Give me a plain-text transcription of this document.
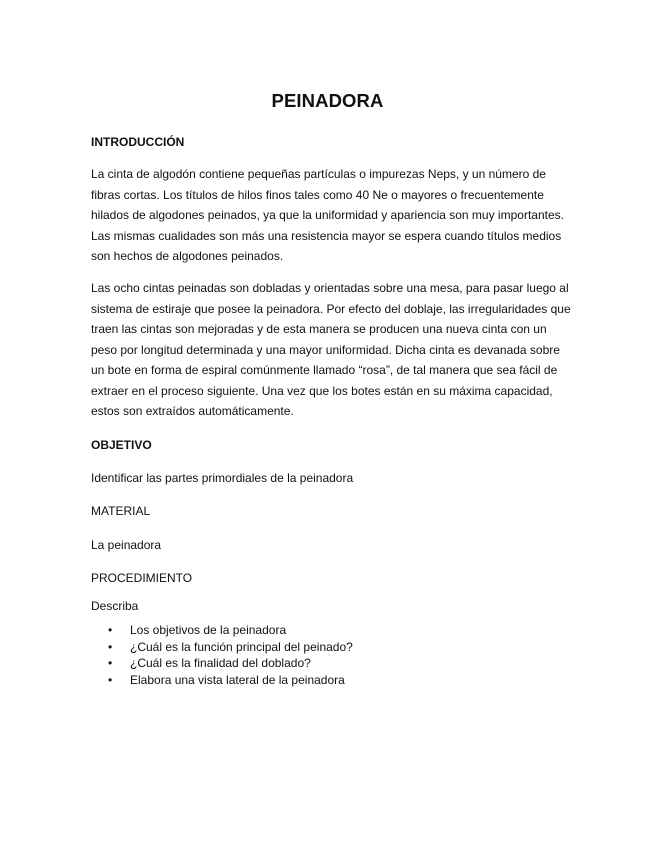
PEINADORA
INTRODUCCIÓN
La cinta de algodón contiene pequeñas partículas o impurezas Neps, y un número de
fibras cortas. Los títulos de hilos finos tales como 40 Ne o mayores o frecuentemente
hilados de algodones peinados, ya que la uniformidad y apariencia son muy importantes.
Las mismas cualidades son más una resistencia mayor se espera cuando títulos medios
son hechos de algodones peinados.
Las ocho cintas peinadas son dobladas y orientadas sobre una mesa, para pasar luego al
sistema de estiraje que posee la peinadora. Por efecto del doblaje, las irregularidades que
traen las cintas son mejoradas y de esta manera se producen una nueva cinta con un
peso por longitud determinada y una mayor uniformidad. Dicha cinta es devanada sobre
un bote en forma de espiral comúnmente llamado “rosa”, de tal manera que sea fácil de
extraer en el proceso siguiente. Una vez que los botes están en su máxima capacidad,
estos son extraídos automáticamente.
OBJETIVO
Identificar las partes primordiales de la peinadora
MATERIAL
La peinadora
PROCEDIMIENTO
Describa
• Los objetivos de la peinadora
• ¿Cuál es la función principal del peinado?
• ¿Cuál es la finalidad del doblado?
• Elabora una vista lateral de la peinadora
